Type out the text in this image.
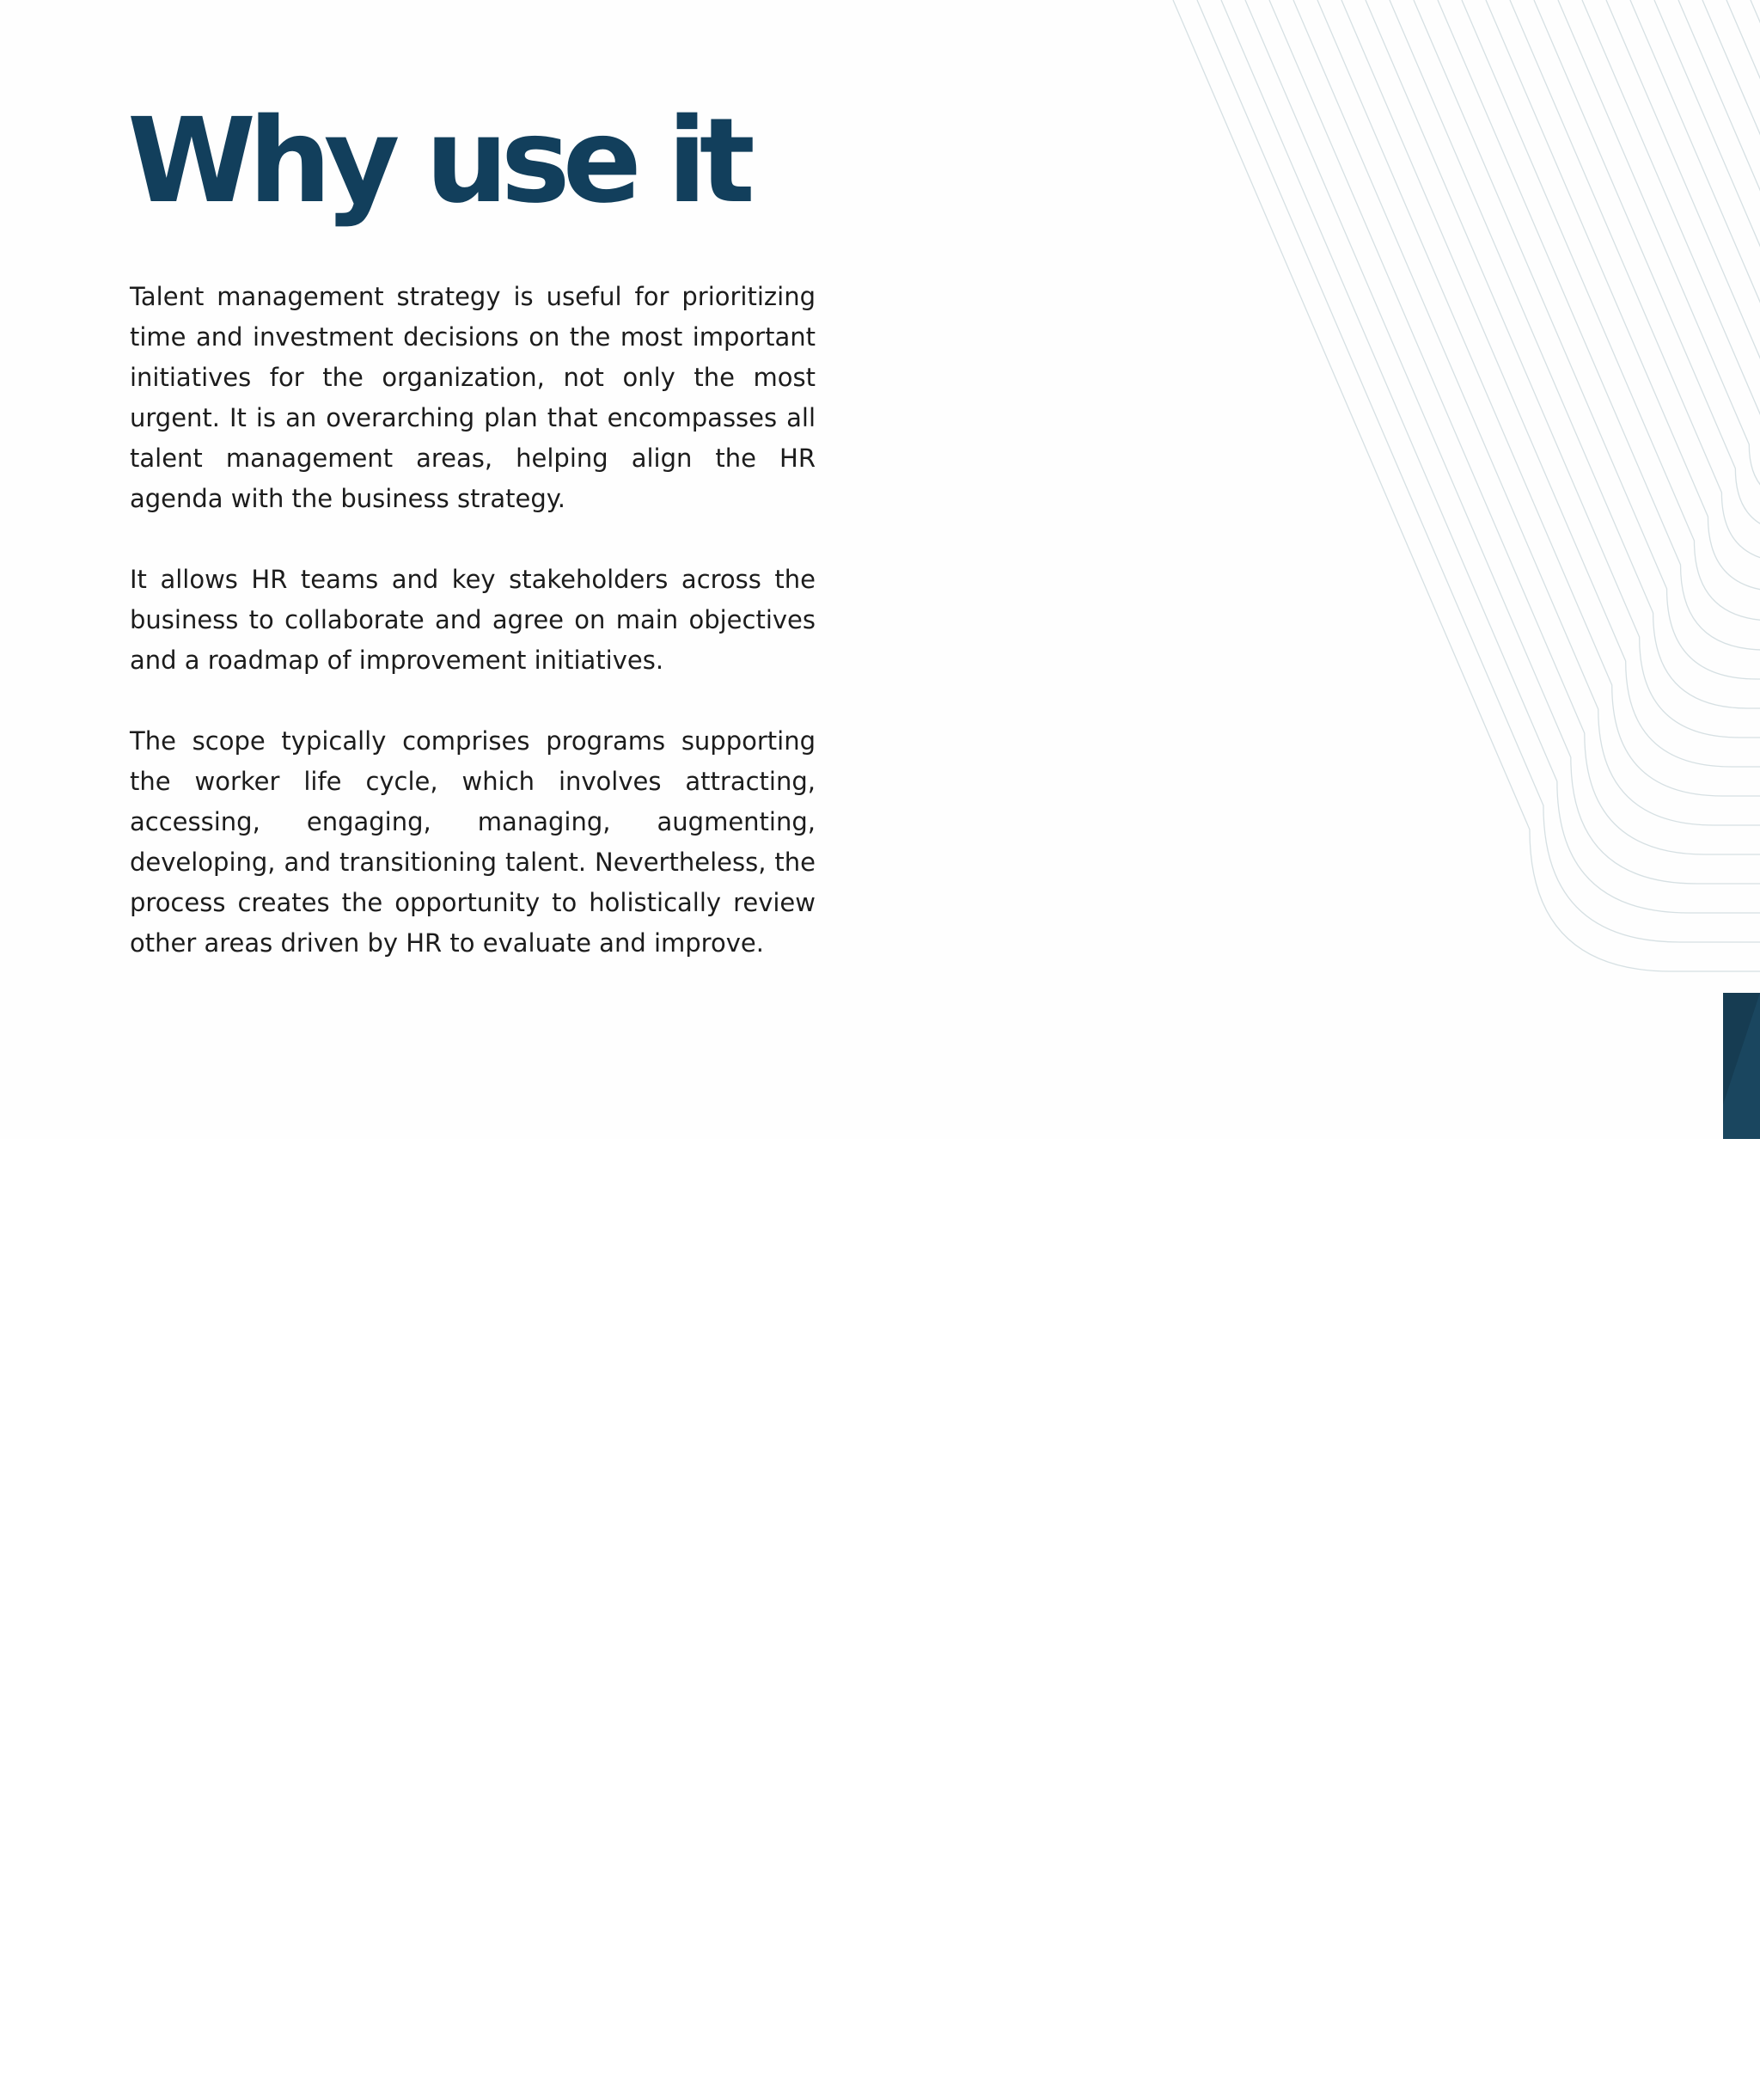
Why use it

Talent management strategy is useful for prioritizing time and investment decisions on the most important initiatives for the organization, not only the most urgent. It is an overarching plan that encompasses all talent management areas, helping align the HR agenda with the business strategy.

It allows HR teams and key stakeholders across the business to collaborate and agree on main objectives and a roadmap of improvement initiatives.

The scope typically comprises programs supporting the worker life cycle, which involves attracting, accessing, engaging, managing, augmenting, developing, and transitioning talent. Nevertheless, the process creates the opportunity to holistically review other areas driven by HR to evaluate and improve.

4
